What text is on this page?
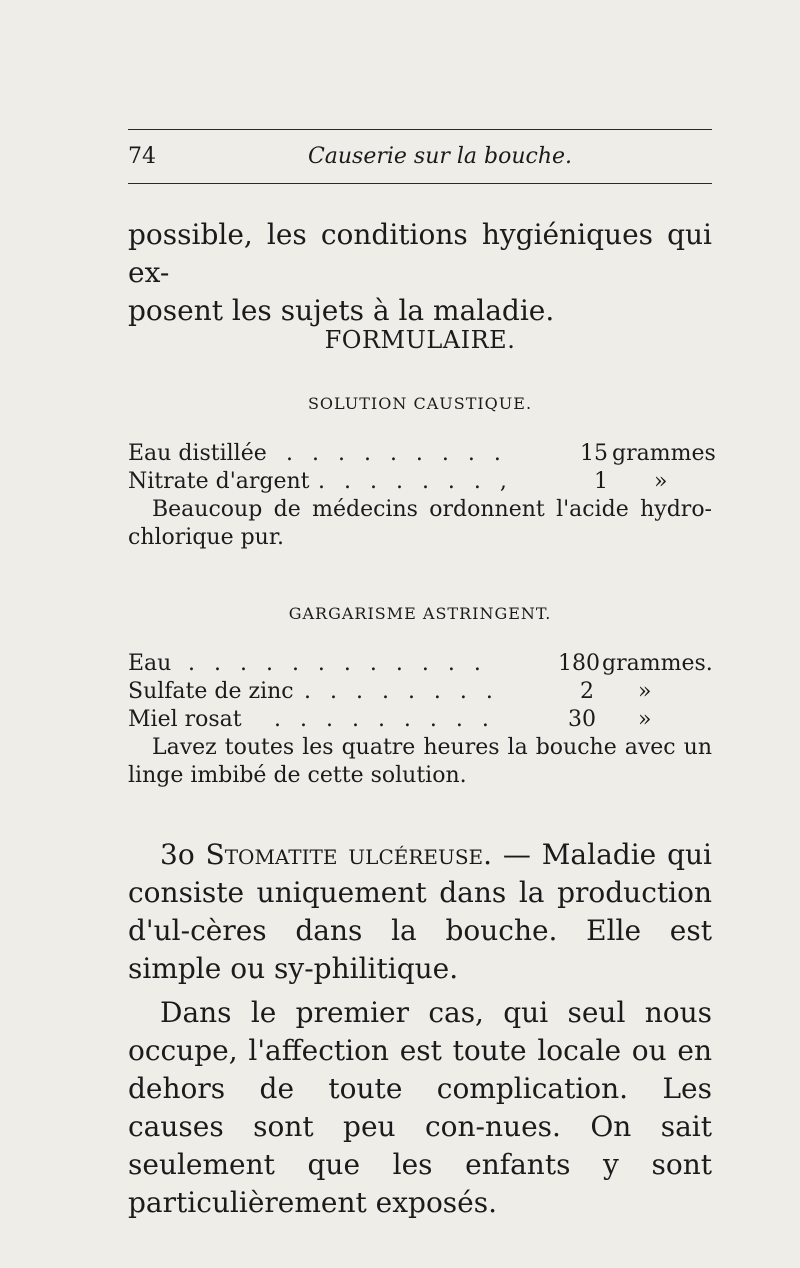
74	Causerie sur la bouche.

possible, les conditions hygiéniques qui ex-

posent les sujets à la maladie.

FORMULAIRE.
SOLUTION CAUSTIQUE.
Eau distillée . . . . . . . . .	15 grammes
Nitrate d'argent . . . . . . . ,	1 »

Beaucoup de médecins ordonnent l'acide hydro-chlorique pur.

GARGARISME ASTRINGENT.
Eau . . . . . . . . . . . .	180 grammes.
Sulfate de zinc . . . . . . . .	2 »
Miel rosat . . . . . . . . .	30 »

Lavez toutes les quatre heures la bouche avec un linge imbibé de cette solution.

3o Stomatite ulcéreuse. — Maladie qui consiste uniquement dans la production d'ul-cères dans la bouche. Elle est simple ou sy-philitique.

Dans le premier cas, qui seul nous occupe, l'affection est toute locale ou en dehors de toute complication. Les causes sont peu con-nues. On sait seulement que les enfants y sont particulièrement exposés.
